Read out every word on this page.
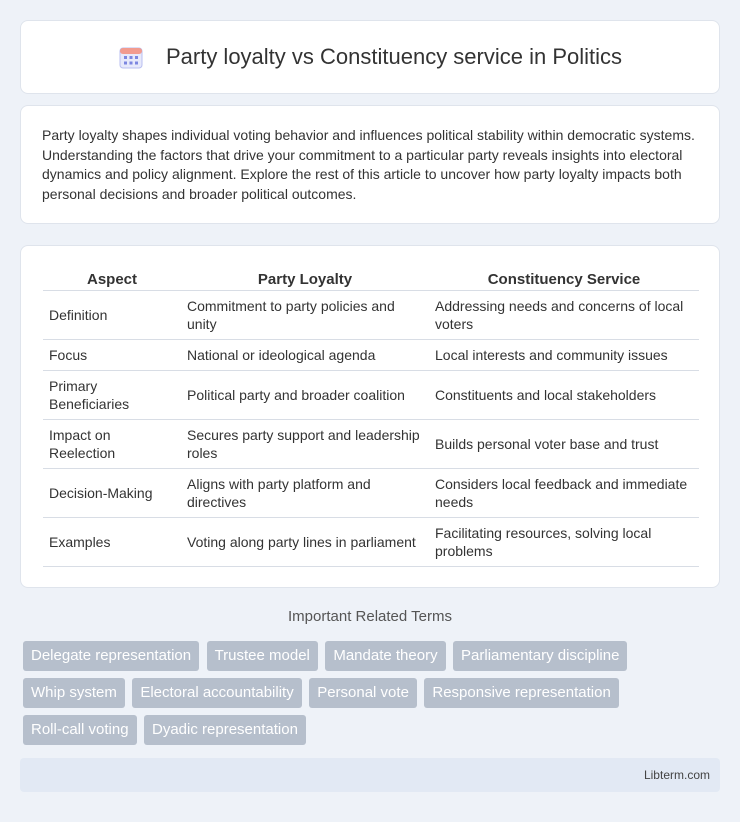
Party loyalty vs Constituency service in Politics

Party loyalty shapes individual voting behavior and influences political stability within democratic systems. Understanding the factors that drive your commitment to a particular party reveals insights into electoral dynamics and policy alignment. Explore the rest of this article to uncover how party loyalty impacts both personal decisions and broader political outcomes.

Aspect	Party Loyalty	Constituency Service
Definition	Commitment to party policies and unity	Addressing needs and concerns of local voters
Focus	National or ideological agenda	Local interests and community issues
Primary Beneficiaries	Political party and broader coalition	Constituents and local stakeholders
Impact on Reelection	Secures party support and leadership roles	Builds personal voter base and trust
Decision-Making	Aligns with party platform and directives	Considers local feedback and immediate needs
Examples	Voting along party lines in parliament	Facilitating resources, solving local problems
Important Related Terms
Delegate representation Trustee model Mandate theory Parliamentary discipline Whip system Electoral accountability Personal vote Responsive representation Roll-call voting Dyadic representation
Libterm.com
